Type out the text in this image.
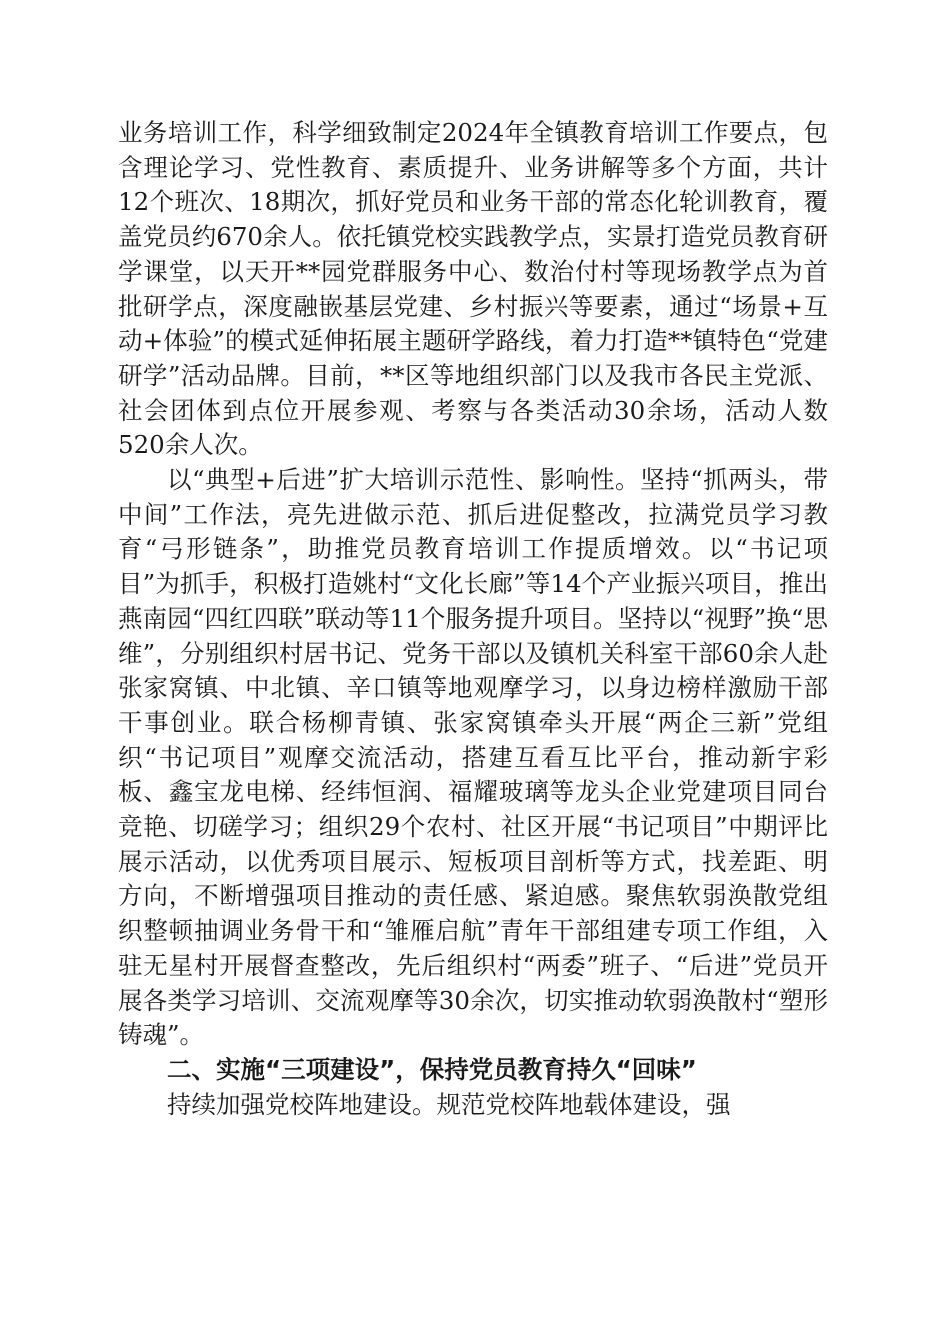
业务培训工作，科学细致制定2024年全镇教育培训工作要点，包含理论学习、党性教育、素质提升、业务讲解等多个方面，共计12个班次、18期次，抓好党员和业务干部的常态化轮训教育，覆盖党员约670余人。依托镇党校实践教学点，实景打造党员教育研学课堂，以天开**园党群服务中心、数治付村等现场教学点为首批研学点，深度融嵌基层党建、乡村振兴等要素，通过“场景+互动+体验”的模式延伸拓展主题研学路线，着力打造**镇特色“党建研学”活动品牌。目前，**区等地组织部门以及我市各民主党派、社会团体到点位开展参观、考察与各类活动30余场，活动人数520余人次。

以“典型+后进”扩大培训示范性、影响性。坚持“抓两头，带中间”工作法，亮先进做示范、抓后进促整改，拉满党员学习教育“弓形链条”，助推党员教育培训工作提质增效。以“书记项目”为抓手，积极打造姚村“文化长廊”等14个产业振兴项目，推出燕南园“四红四联”联动等11个服务提升项目。坚持以“视野”换“思维”，分别组织村居书记、党务干部以及镇机关科室干部60余人赴张家窝镇、中北镇、辛口镇等地观摩学习，以身边榜样激励干部干事创业。联合杨柳青镇、张家窝镇牵头开展“两企三新”党组织“书记项目”观摩交流活动，搭建互看互比平台，推动新宇彩板、鑫宝龙电梯、经纬恒润、福耀玻璃等龙头企业党建项目同台竞艳、切磋学习；组织29个农村、社区开展“书记项目”中期评比展示活动，以优秀项目展示、短板项目剖析等方式，找差距、明方向，不断增强项目推动的责任感、紧迫感。聚焦软弱涣散党组织整顿抽调业务骨干和“雏雁启航”青年干部组建专项工作组，入驻无星村开展督查整改，先后组织村“两委”班子、“后进”党员开展各类学习培训、交流观摩等30余次，切实推动软弱涣散村“塑形铸魂”。

二、实施“三项建设”，保持党员教育持久“回味”

持续加强党校阵地建设。规范党校阵地载体建设，强
